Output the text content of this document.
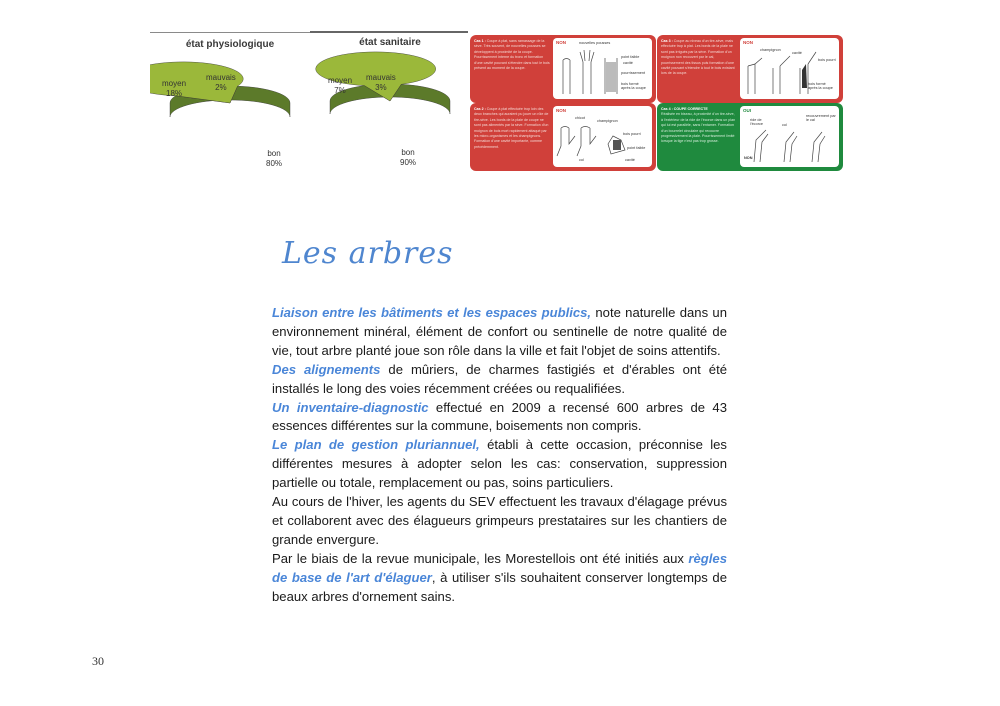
état physiologique
moyen
18%
mauvais
2%
bon
80%
état sanitaire
moyen
7%
mauvais
3%
bon
90%
Cas 1 : Coupe à plat, sans ramassage de la sève. Très souvent, de nouvelles pousses se développent à proximité de la coupe. Pourrissement interne du tronc et formation d'une cavité pouvant s'étendre dans tout le bois présent au moment de la coupe.
NON	nouvelles pousses
point faible
cavité
pourrissement
bois formé après la coupe
Cas 3 : Coupe au niveau d'un tire-sève, mais effectuée trop à plat. Les bords de la plaie ne sont pas irrigués par la sève. Formation d'un moignon non recouvert par le cal, pourrissement des tissus puis formation d'une cavité pouvant s'étendre à tout le bois existant lors de la coupe.
NON
champignon
cavité
bois pourri
bois formé après la coupe
Cas 2 : Coupe à plat effectuée trop loin des deux branches qui auraient pu jouer un rôle de tire-sève. Les bords de la plaie de coupe ne sont pas alimentés par la sève. Formation d'un moignon de bois mort rapidement attaqué par les micro-organismes et les champignons. Formation d'une cavité importante, comme précédemment.
NON
chicot
champignon
bois pourri
point faible
col	cavité
Cas 4 : COUPE CORRECTE
Réalisée en biseau, à proximité d'un tire-sève, à l'extérieur de la ride de l'écorce dans un plan qui lui est parallèle, sans l'entamer. Formation d'un bourrelet circulaire qui recouvre progressivement la plaie. Pourrissement limité lorsque la tige n'est pas trop grosse.
OUI
ride de l'écorce	col
recouvrement par le cal
NON
Les arbres

Liaison entre les bâtiments et les espaces publics, note naturelle dans un environnement minéral, élément de confort ou sentinelle de notre qualité de vie, tout arbre planté joue son rôle dans la ville et fait l'objet de soins attentifs.

Des alignements de mûriers, de charmes fastigiés et d'érables ont été installés le long des voies récemment créées ou requalifiées.

Un inventaire-diagnostic effectué en 2009 a recensé 600 arbres de 43 essences différentes sur la commune, boisements non compris.

Le plan de gestion pluriannuel, établi à cette occasion, préconnise les différentes mesures à adopter selon les cas: conservation, suppression partielle ou totale, remplacement ou pas, soins particuliers.

Au cours de l'hiver, les agents du SEV effectuent les travaux d'élagage prévus et collaborent avec des élagueurs grimpeurs prestataires sur les chantiers de grande envergure.

Par le biais de la revue municipale, les Morestellois ont été initiés aux règles de base de l'art d'élaguer, à utiliser s'ils souhaitent conserver longtemps de beaux arbres d'ornement sains.

30
